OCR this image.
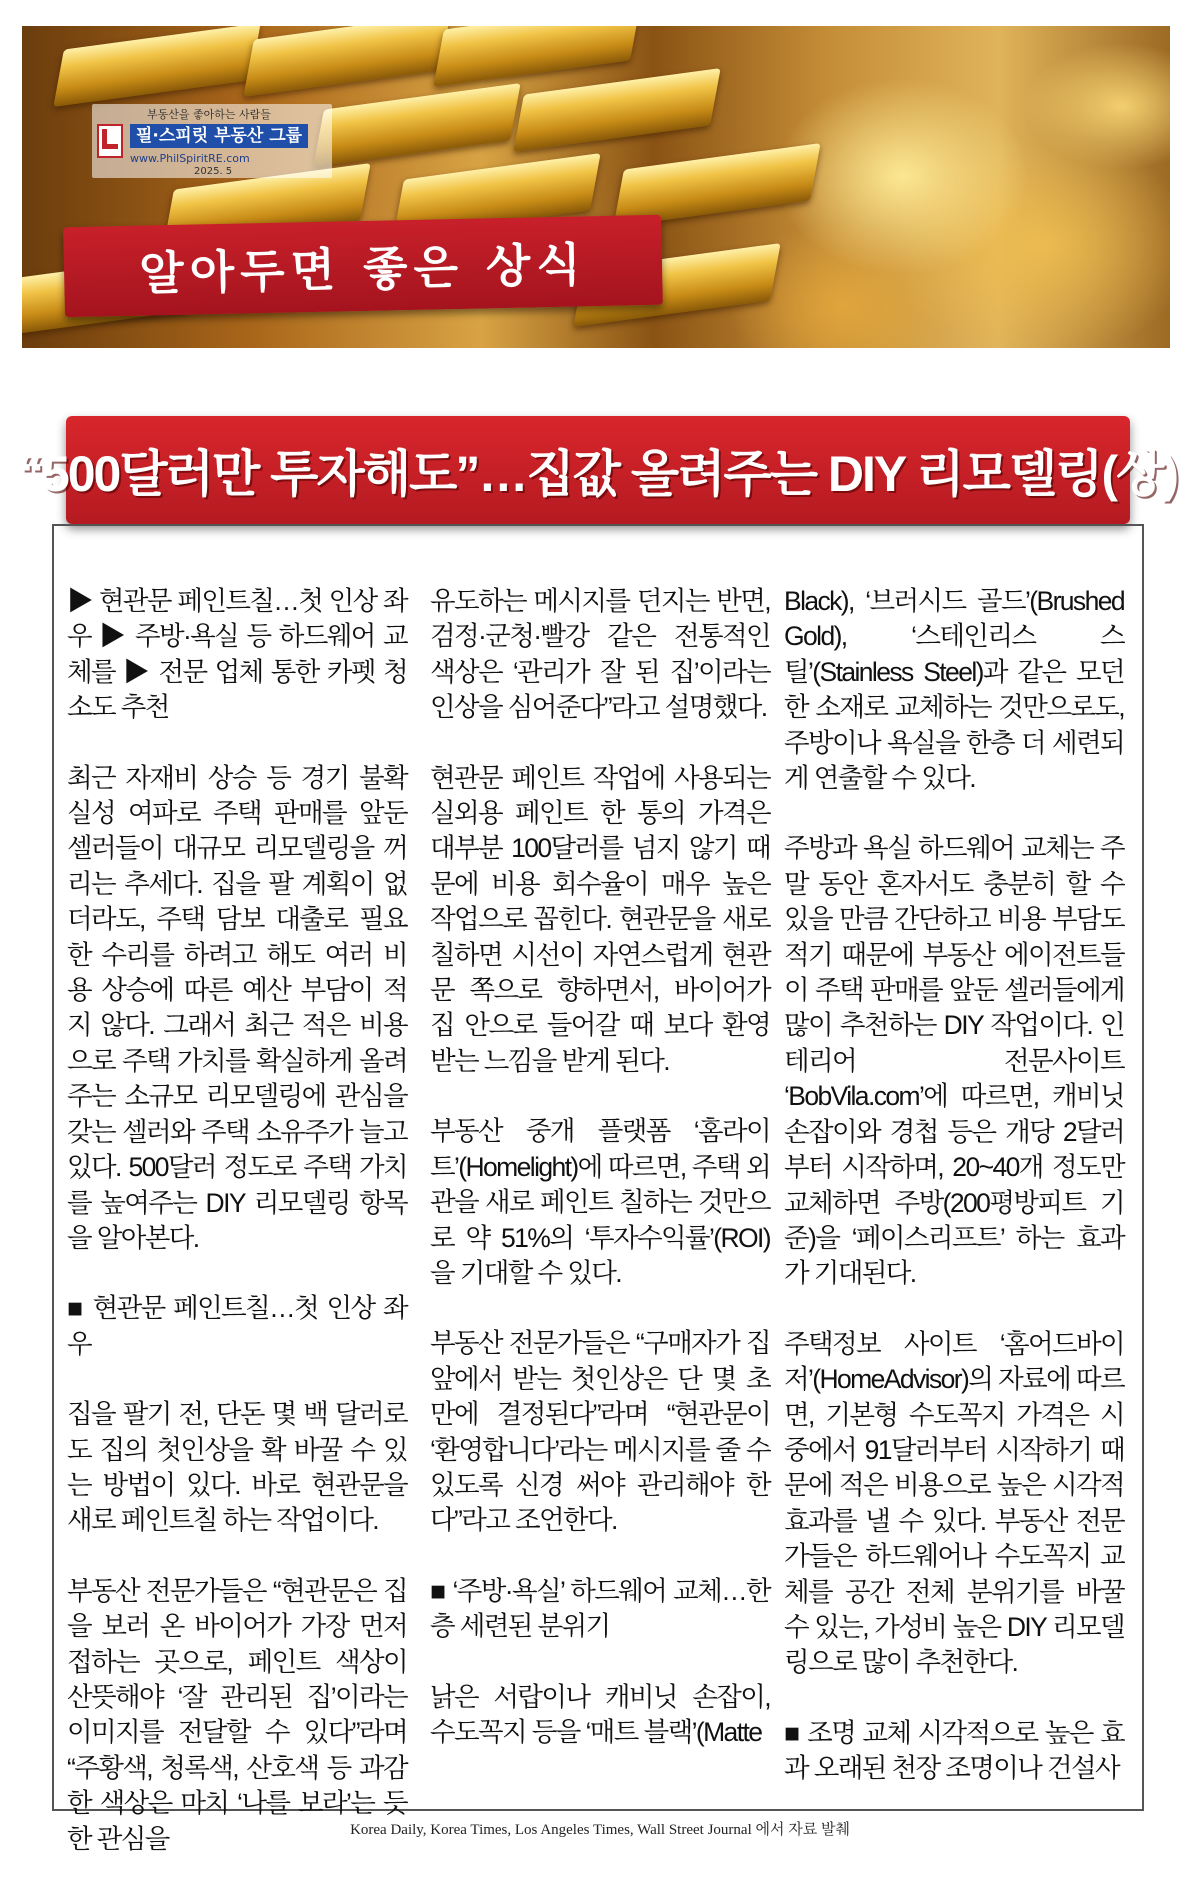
부동산을 좋아하는 사람들
필·스피릿 부동산 그룹
www.PhilSpiritRE.com
2025. 5
알아두면 좋은 상식
“500달러만 투자해도”…집값 올려주는 DIY 리모델링(상)

▶ 현관문 페인트칠…첫 인상 좌우 ▶ 주방·욕실 등 하드웨어 교체를 ▶ 전문 업체 통한 카펫 청소도 추천

최근 자재비 상승 등 경기 불확실성 여파로 주택 판매를 앞둔 셀러들이 대규모 리모델링을 꺼리는 추세다. 집을 팔 계획이 없더라도, 주택 담보 대출로 필요한 수리를 하려고 해도 여러 비용 상승에 따른 예산 부담이 적지 않다. 그래서 최근 적은 비용으로 주택 가치를 확실하게 올려주는 소규모 리모델링에 관심을 갖는 셀러와 주택 소유주가 늘고 있다. 500달러 정도로 주택 가치를 높여주는 DIY 리모델링 항목을 알아본다.

■ 현관문 페인트칠…첫 인상 좌우

집을 팔기 전, 단돈 몇 백 달러로도 집의 첫인상을 확 바꿀 수 있는 방법이 있다. 바로 현관문을 새로 페인트칠 하는 작업이다.

부동산 전문가들은 “현관문은 집을 보러 온 바이어가 가장 먼저 접하는 곳으로, 페인트 색상이 산뜻해야 ‘잘 관리된 집’이라는 이미지를 전달할 수 있다”라며 “주황색, 청록색, 산호색 등 과감한 색상은 마치 ‘나를 보라’는 듯한 관심을

유도하는 메시지를 던지는 반면, 검정·군청·빨강 같은 전통적인 색상은 ‘관리가 잘 된 집’이라는 인상을 심어준다”라고 설명했다.

현관문 페인트 작업에 사용되는 실외용 페인트 한 통의 가격은 대부분 100달러를 넘지 않기 때문에 비용 회수율이 매우 높은 작업으로 꼽힌다. 현관문을 새로 칠하면 시선이 자연스럽게 현관문 쪽으로 향하면서, 바이어가 집 안으로 들어갈 때 보다 환영받는 느낌을 받게 된다.

부동산 중개 플랫폼 ‘홈라이트’(Homelight)에 따르면, 주택 외관을 새로 페인트 칠하는 것만으로 약 51%의 ‘투자수익률’(ROI)을 기대할 수 있다.

부동산 전문가들은 “구매자가 집 앞에서 받는 첫인상은 단 몇 초 만에 결정된다”라며 “현관문이 ‘환영합니다’라는 메시지를 줄 수 있도록 신경 써야 관리해야 한다”라고 조언한다.

■ ‘주방·욕실’ 하드웨어 교체…한층 세련된 분위기

낡은 서랍이나 캐비닛 손잡이, 수도꼭지 등을 ‘매트 블랙’(Matte

Black), ‘브러시드 골드’(Brushed Gold), ‘스테인리스 스틸’(Stainless Steel)과 같은 모던한 소재로 교체하는 것만으로도, 주방이나 욕실을 한층 더 세련되게 연출할 수 있다.

주방과 욕실 하드웨어 교체는 주말 동안 혼자서도 충분히 할 수 있을 만큼 간단하고 비용 부담도 적기 때문에 부동산 에이전트들이 주택 판매를 앞둔 셀러들에게 많이 추천하는 DIY 작업이다. 인테리어 전문사이트 ‘BobVila.com’에 따르면, 캐비닛 손잡이와 경첩 등은 개당 2달러부터 시작하며, 20~40개 정도만 교체하면 주방(200평방피트 기준)을 ‘페이스리프트’ 하는 효과가 기대된다.

주택정보 사이트 ‘홈어드바이저’(HomeAdvisor)의 자료에 따르면, 기본형 수도꼭지 가격은 시중에서 91달러부터 시작하기 때문에 적은 비용으로 높은 시각적 효과를 낼 수 있다. 부동산 전문가들은 하드웨어나 수도꼭지 교체를 공간 전체 분위기를 바꿀 수 있는, 가성비 높은 DIY 리모델링으로 많이 추천한다.

■ 조명 교체 시각적으로 높은 효과 오래된 천장 조명이나 건설사

Korea Daily, Korea Times, Los Angeles Times, Wall Street Journal 에서 자료 발췌
